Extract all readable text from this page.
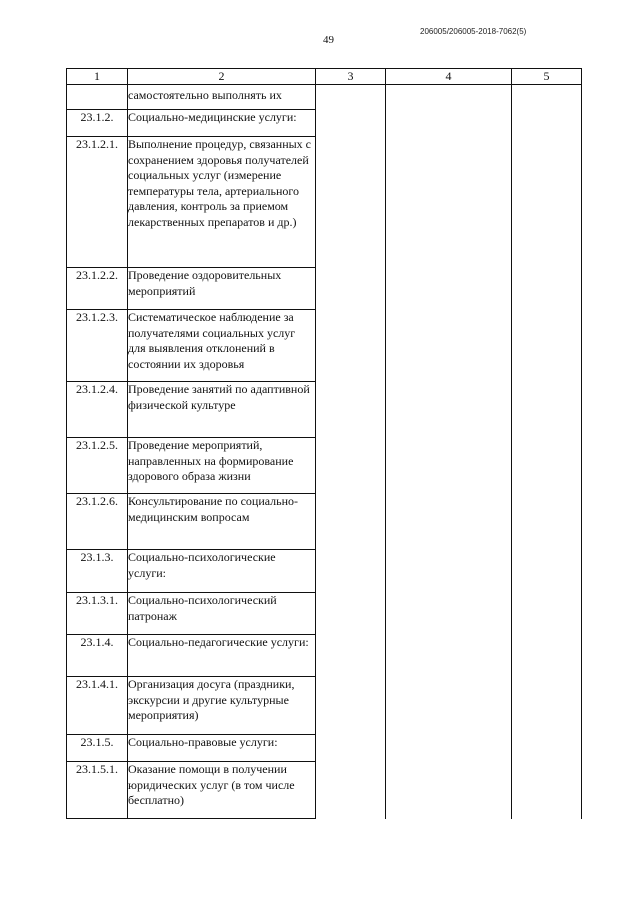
206005/206005-2018-7062(5)
49
1	2	3	4	5
	самостоятельно выполнять их			
23.1.2.	Социально-медицинские услуги:			
23.1.2.1.	Выполнение процедур, связанных с сохранением здоровья получателей социальных услуг (измерение температуры тела, артериального давления, контроль за приемом лекарственных препаратов и др.)			
23.1.2.2.	Проведение оздоровительных мероприятий			
23.1.2.3.	Систематическое наблюдение за получателями социальных услуг для выявления отклонений в состоянии их здоровья			
23.1.2.4.	Проведение занятий по адаптивной физической культуре			
23.1.2.5.	Проведение мероприятий, направленных на формирование здорового образа жизни			
23.1.2.6.	Консультирование по социально-медицинским вопросам			
23.1.3.	Социально-психологические услуги:			
23.1.3.1.	Социально-психологический патронаж			
23.1.4.	Социально-педагогические услуги:			
23.1.4.1.	Организация досуга (праздники, экскурсии и другие культурные мероприятия)			
23.1.5.	Социально-правовые услуги:			
23.1.5.1.	Оказание помощи в получении юридических услуг (в том числе бесплатно)			
